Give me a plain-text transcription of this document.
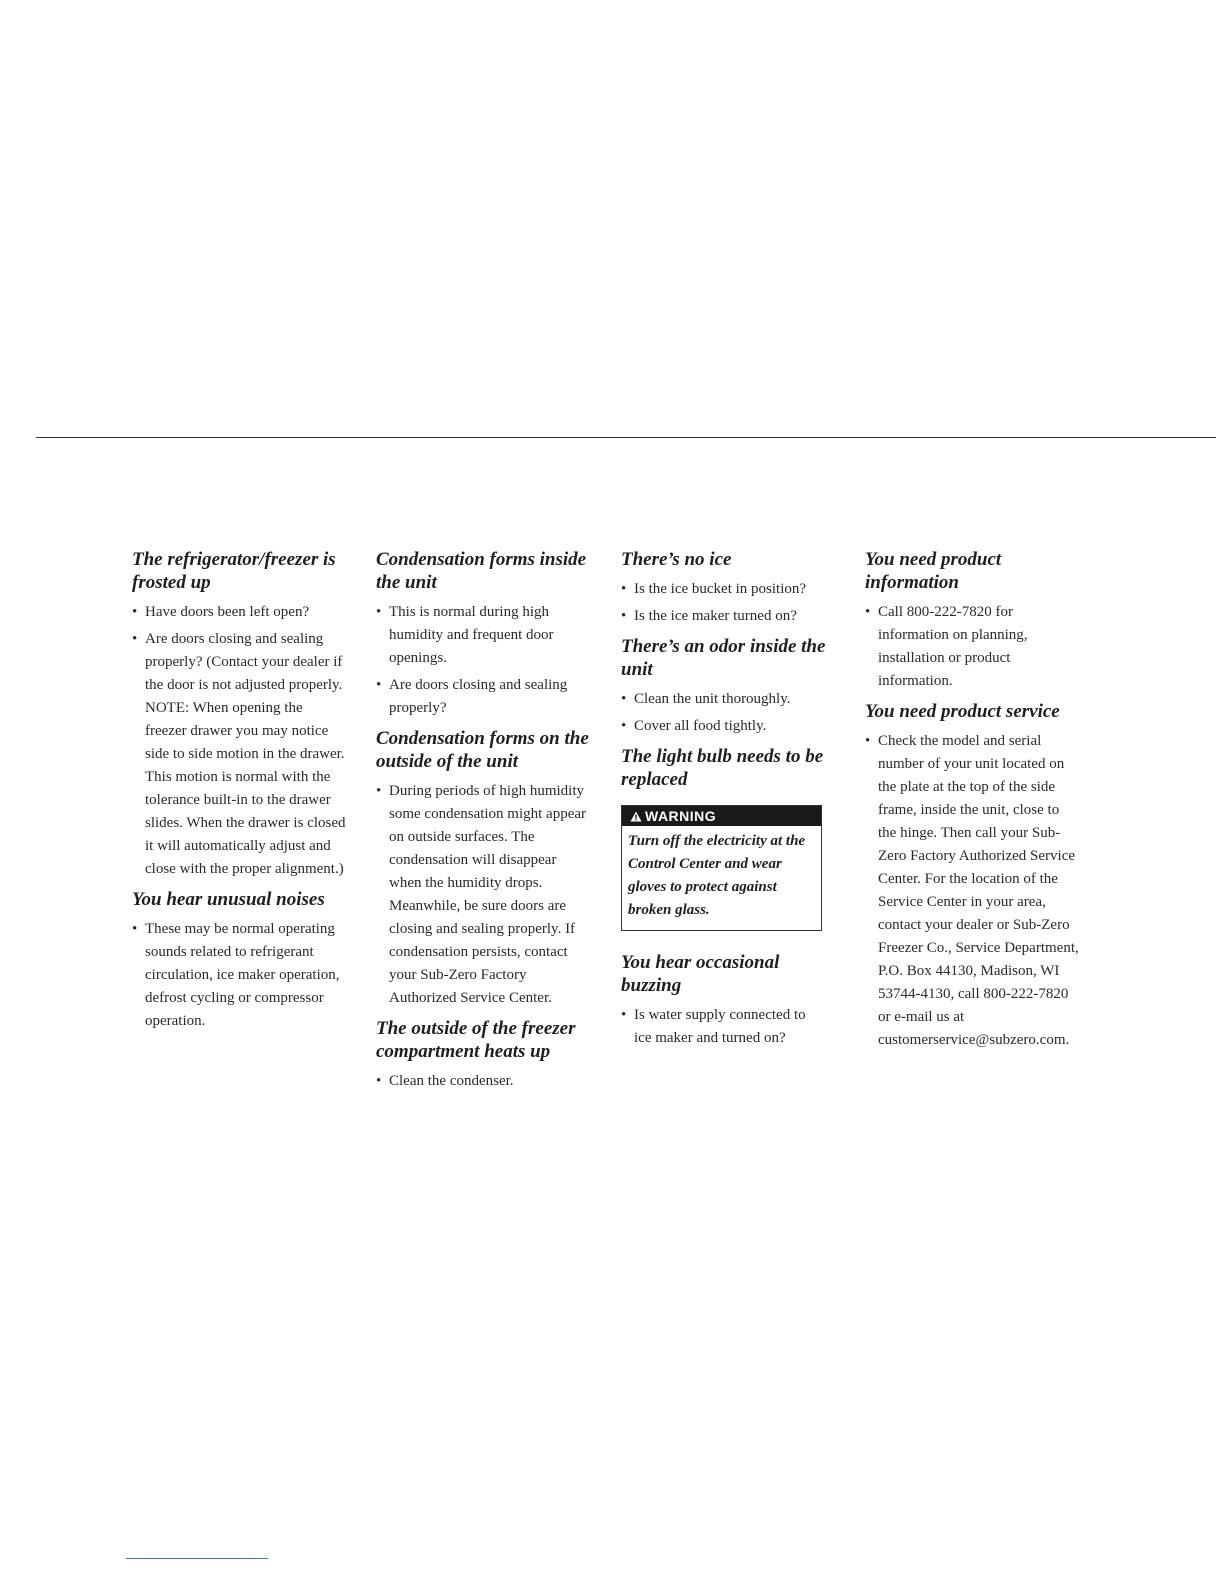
The refrigerator/freezer is frosted up
• Have doors been left open?
• Are doors closing and sealing properly? (Contact your dealer if the door is not adjusted properly. NOTE: When opening the freezer drawer you may notice side to side motion in the drawer. This motion is normal with the tolerance built-in to the drawer slides. When the drawer is closed it will automatically adjust and close with the proper alignment.)
You hear unusual noises
• These may be normal operating sounds related to refrigerant circulation, ice maker operation, defrost cycling or compressor operation.
Condensation forms inside the unit
• This is normal during high humidity and frequent door openings.
• Are doors closing and sealing properly?
Condensation forms on the outside of the unit
• During periods of high humidity some condensation might appear on outside surfaces. The condensation will disappear when the humidity drops. Meanwhile, be sure doors are closing and sealing properly. If condensation persists, contact your Sub-Zero Factory Authorized Service Center.
The outside of the freezer compartment heats up
• Clean the condenser.
There’s no ice
• Is the ice bucket in position?
• Is the ice maker turned on?
There’s an odor inside the unit
• Clean the unit thoroughly.
• Cover all food tightly.
The light bulb needs to be replaced
WARNING
Turn off the electricity at the Control Center and wear gloves to protect against broken glass.
You hear occasional buzzing
• Is water supply connected to ice maker and turned on?
You need product information
• Call 800-222-7820 for information on planning, installation or product information.
You need product service
• Check the model and serial number of your unit located on the plate at the top of the side frame, inside the unit, close to the hinge. Then call your Sub-Zero Factory Authorized Service Center. For the location of the Service Center in your area, contact your dealer or Sub-Zero Freezer Co., Service Department, P.O. Box 44130, Madison, WI 53744-4130, call 800-222-7820 or e-mail us at customerservice@subzero.com.
